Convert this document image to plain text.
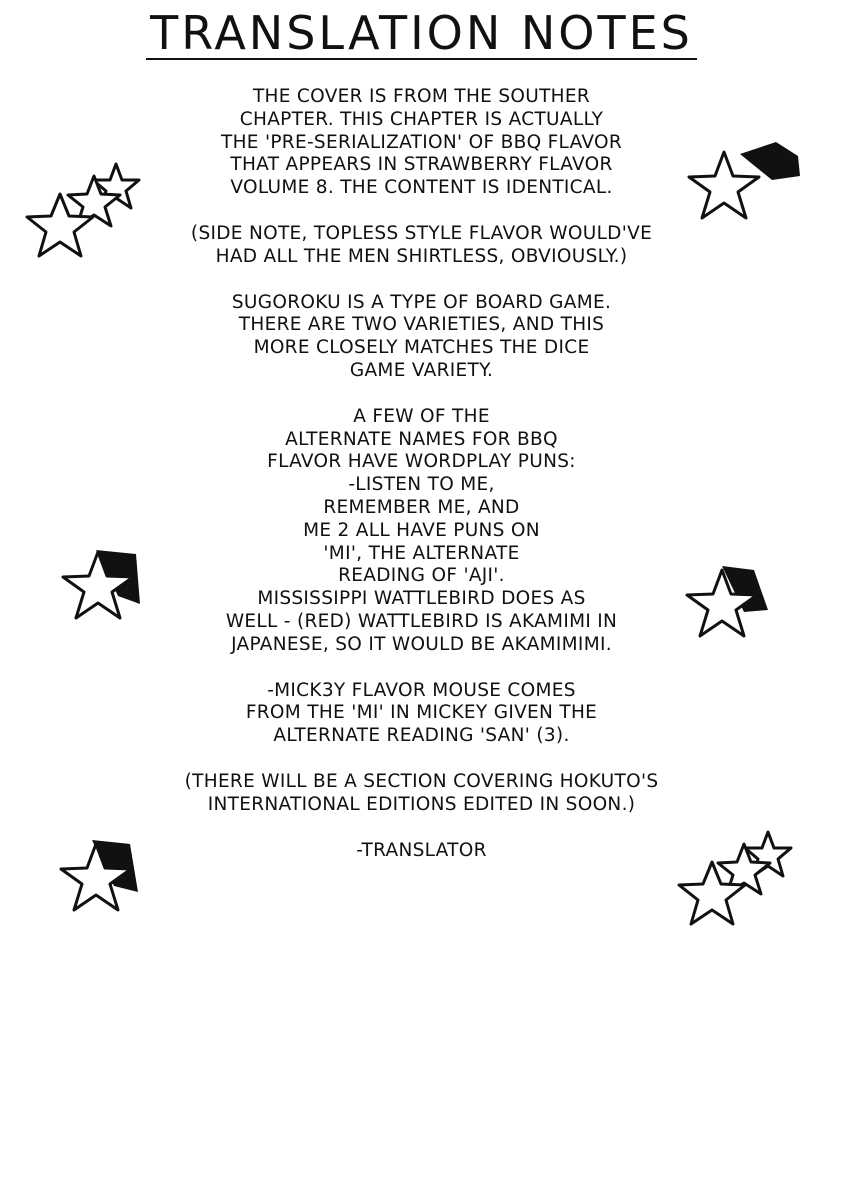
TRANSLATION NOTES
THE COVER IS FROM THE SOUTHER
CHAPTER. THIS CHAPTER IS ACTUALLY
THE 'PRE-SERIALIZATION' OF BBQ FLAVOR
THAT APPEARS IN STRAWBERRY FLAVOR
VOLUME 8. THE CONTENT IS IDENTICAL.
(SIDE NOTE, TOPLESS STYLE FLAVOR WOULD'VE
HAD ALL THE MEN SHIRTLESS, OBVIOUSLY.)
SUGOROKU IS A TYPE OF BOARD GAME.
THERE ARE TWO VARIETIES, AND THIS
MORE CLOSELY MATCHES THE DICE
GAME VARIETY.
A FEW OF THE
ALTERNATE NAMES FOR BBQ
FLAVOR HAVE WORDPLAY PUNS:
-LISTEN TO ME,
REMEMBER ME, AND
ME 2 ALL HAVE PUNS ON
'MI', THE ALTERNATE
READING OF 'AJI'.
MISSISSIPPI WATTLEBIRD DOES AS
WELL - (RED) WATTLEBIRD IS AKAMIMI IN
JAPANESE, SO IT WOULD BE AKAMIMIMI.
-MICK3Y FLAVOR MOUSE COMES
FROM THE 'MI' IN MICKEY GIVEN THE
ALTERNATE READING 'SAN' (3).
(THERE WILL BE A SECTION COVERING HOKUTO'S
INTERNATIONAL EDITIONS EDITED IN SOON.)
-TRANSLATOR
